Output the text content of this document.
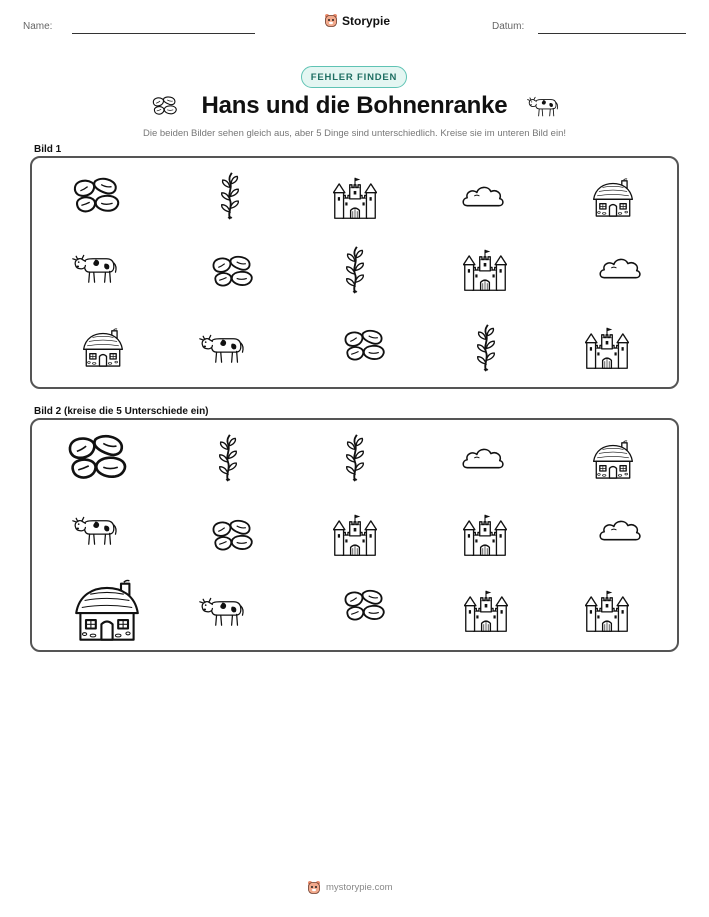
Name:	Storypie	Datum:
FEHLER FINDEN
Hans und die Bohnenranke
Die beiden Bilder sehen gleich aus, aber 5 Dinge sind unterschiedlich. Kreise sie im unteren Bild ein!
Bild 1
Bild 2 (kreise die 5 Unterschiede ein)
mystorypie.com
